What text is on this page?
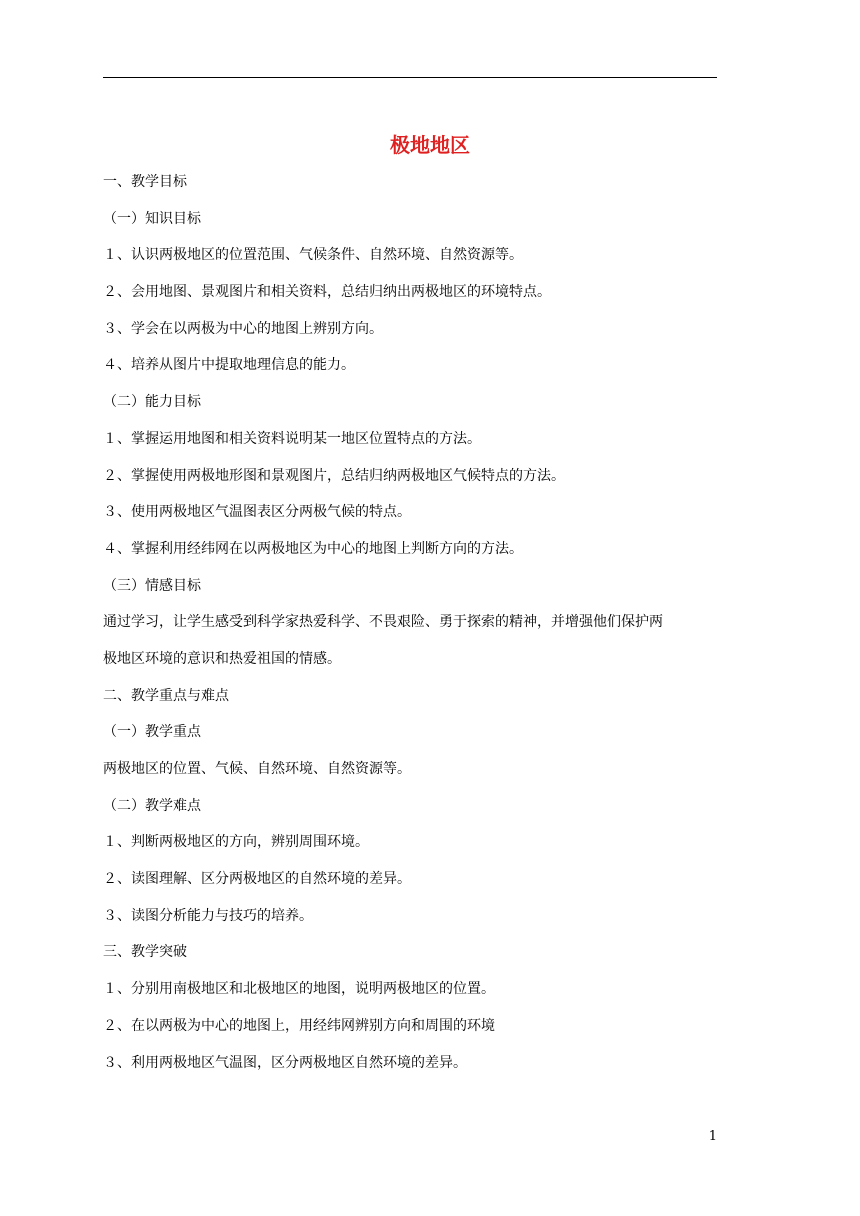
极地地区
一、教学目标
（一）知识目标
１、认识两极地区的位置范围、气候条件、自然环境、自然资源等。
２、会用地图、景观图片和相关资料，总结归纳出两极地区的环境特点。
３、学会在以两极为中心的地图上辨别方向。
４、培养从图片中提取地理信息的能力。
（二）能力目标
１、掌握运用地图和相关资料说明某一地区位置特点的方法。
２、掌握使用两极地形图和景观图片，总结归纳两极地区气候特点的方法。
３、使用两极地区气温图表区分两极气候的特点。
４、掌握利用经纬网在以两极地区为中心的地图上判断方向的方法。
（三）情感目标
通过学习，让学生感受到科学家热爱科学、不畏艰险、勇于探索的精神，并增强他们保护两
极地区环境的意识和热爱祖国的情感。
二、教学重点与难点
（一）教学重点
两极地区的位置、气候、自然环境、自然资源等。
（二）教学难点
１、判断两极地区的方向，辨别周围环境。
２、读图理解、区分两极地区的自然环境的差异。
３、读图分析能力与技巧的培养。
三、教学突破
１、分别用南极地区和北极地区的地图，说明两极地区的位置。
２、在以两极为中心的地图上，用经纬网辨别方向和周围的环境
３、利用两极地区气温图，区分两极地区自然环境的差异。
1
